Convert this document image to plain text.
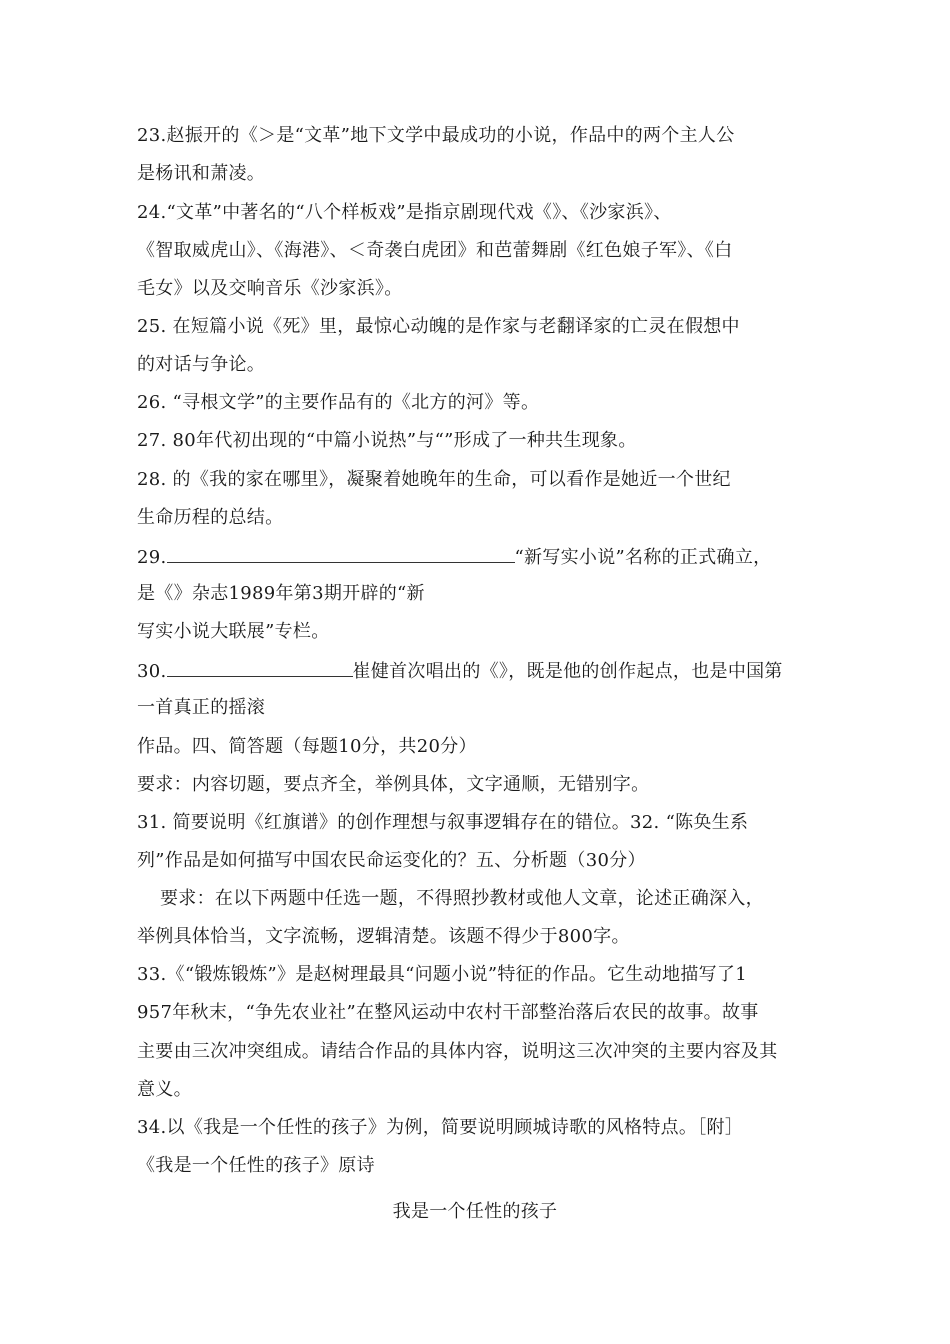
23.赵振开的《＞是“文革”地下文学中最成功的小说，作品中的两个主人公
是杨讯和萧凌。
24.“文革”中著名的“八个样板戏”是指京剧现代戏《》、《沙家浜》、
《智取威虎山》、《海港》、＜奇袭白虎团》和芭蕾舞剧《红色娘子军》、《白
毛女》以及交响音乐《沙家浜》。
25. 在短篇小说《死》里，最惊心动魄的是作家与老翻译家的亡灵在假想中
的对话与争论。
26. “寻根文学”的主要作品有的《北方的河》等。
27. 80年代初出现的“中篇小说热”与“”形成了一种共生现象。
28. 的《我的家在哪里》，凝聚着她晚年的生命，可以看作是她近一个世纪
生命历程的总结。
29.	“新写实小说”名称的正式确立，
是《》杂志1989年第3期开辟的“新
写实小说大联展”专栏。
30.	崔健首次唱出的《》，既是他的创作起点，也是中国第
一首真正的摇滚
作品。四、简答题（每题10分，共20分）
要求：内容切题，要点齐全，举例具体，文字通顺，无错别字。
31. 简要说明《红旗谱》的创作理想与叙事逻辑存在的错位。32. “陈奂生系
列”作品是如何描写中国农民命运变化的？五、分析题（30分）
要求：在以下两题中任选一题，不得照抄教材或他人文章，论述正确深入，
举例具体恰当，文字流畅，逻辑清楚。该题不得少于800字。
33.《“锻炼锻炼”》是赵树理最具“问题小说”特征的作品。它生动地描写了1
957年秋末，“争先农业社”在整风运动中农村干部整治落后农民的故事。故事
主要由三次冲突组成。请结合作品的具体内容，说明这三次冲突的主要内容及其
意义。
34.以《我是一个任性的孩子》为例，简要说明顾城诗歌的风格特点。［附］
《我是一个任性的孩子》原诗
我是一个任性的孩子
